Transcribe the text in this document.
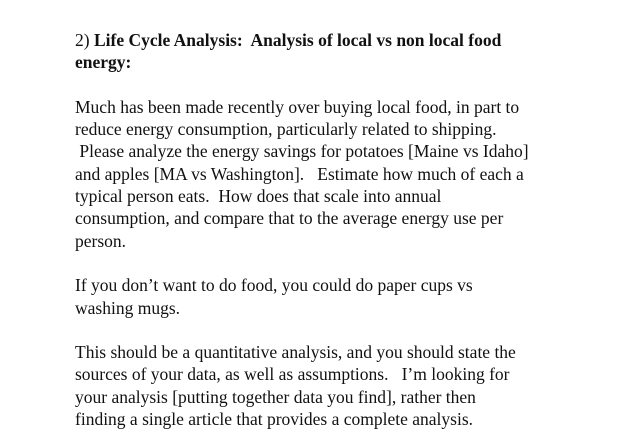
2) Life Cycle Analysis:  Analysis of local vs non local food
energy:

Much has been made recently over buying local food, in part to
reduce energy consumption, particularly related to shipping.
Please analyze the energy savings for potatoes [Maine vs Idaho]
and apples [MA vs Washington].   Estimate how much of each a
typical person eats.  How does that scale into annual
consumption, and compare that to the average energy use per
person.

If you don’t want to do food, you could do paper cups vs
washing mugs.

This should be a quantitative analysis, and you should state the
sources of your data, as well as assumptions.   I’m looking for
your analysis [putting together data you find], rather then
finding a single article that provides a complete analysis.
